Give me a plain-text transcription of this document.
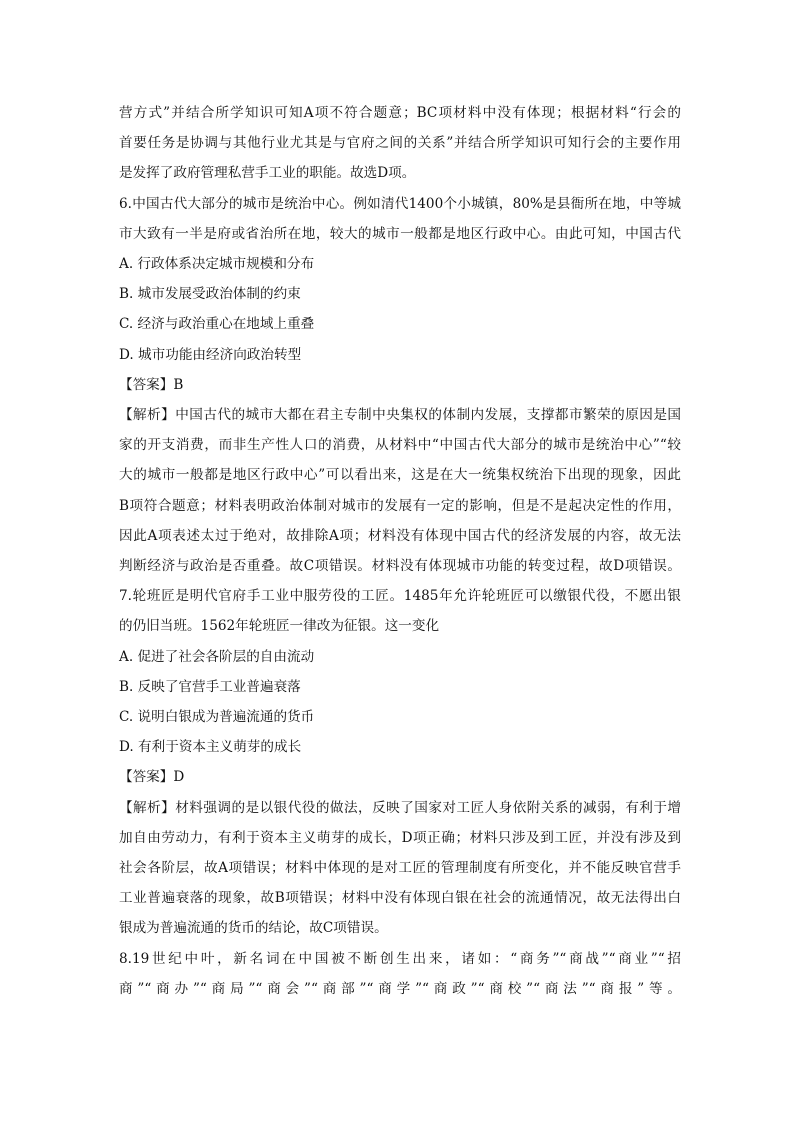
营方式”并结合所学知识可知A项不符合题意；BC项材料中没有体现；根据材料“行会的
首要任务是协调与其他行业尤其是与官府之间的关系”并结合所学知识可知行会的主要作用
是发挥了政府管理私营手工业的职能。故选D项。
6.中国古代大部分的城市是统治中心。例如清代1400个小城镇，80%是县衙所在地，中等城
市大致有一半是府或省治所在地，较大的城市一般都是地区行政中心。由此可知，中国古代
A. 行政体系决定城市规模和分布
B. 城市发展受政治体制的约束
C. 经济与政治重心在地域上重叠
D. 城市功能由经济向政治转型
【答案】B
【解析】中国古代的城市大都在君主专制中央集权的体制内发展，支撑都市繁荣的原因是国
家的开支消费，而非生产性人口的消费，从材料中“中国古代大部分的城市是统治中心”“较
大的城市一般都是地区行政中心”可以看出来，这是在大一统集权统治下出现的现象，因此
B项符合题意；材料表明政治体制对城市的发展有一定的影响，但是不是起决定性的作用，
因此A项表述太过于绝对，故排除A项；材料没有体现中国古代的经济发展的内容，故无法
判断经济与政治是否重叠。故C项错误。材料没有体现城市功能的转变过程，故D项错误。
7.轮班匠是明代官府手工业中服劳役的工匠。1485年允许轮班匠可以缴银代役，不愿出银
的仍旧当班。1562年轮班匠一律改为征银。这一变化
A. 促进了社会各阶层的自由流动
B. 反映了官营手工业普遍衰落
C. 说明白银成为普遍流通的货币
D. 有利于资本主义萌芽的成长
【答案】D
【解析】材料强调的是以银代役的做法，反映了国家对工匠人身依附关系的减弱，有利于增
加自由劳动力，有利于资本主义萌芽的成长，D项正确；材料只涉及到工匠，并没有涉及到
社会各阶层，故A项错误；材料中体现的是对工匠的管理制度有所变化，并不能反映官营手
工业普遍衰落的现象，故B项错误；材料中没有体现白银在社会的流通情况，故无法得出白
银成为普遍流通的货币的结论，故C项错误。
8.19世纪中叶，新名词在中国被不断创生出来，诸如：“商务”“商战”“商业”“招
商”“商办”“商局”“商会”“商部”“商学”“商政”“商校”“商法”“商报”等。
